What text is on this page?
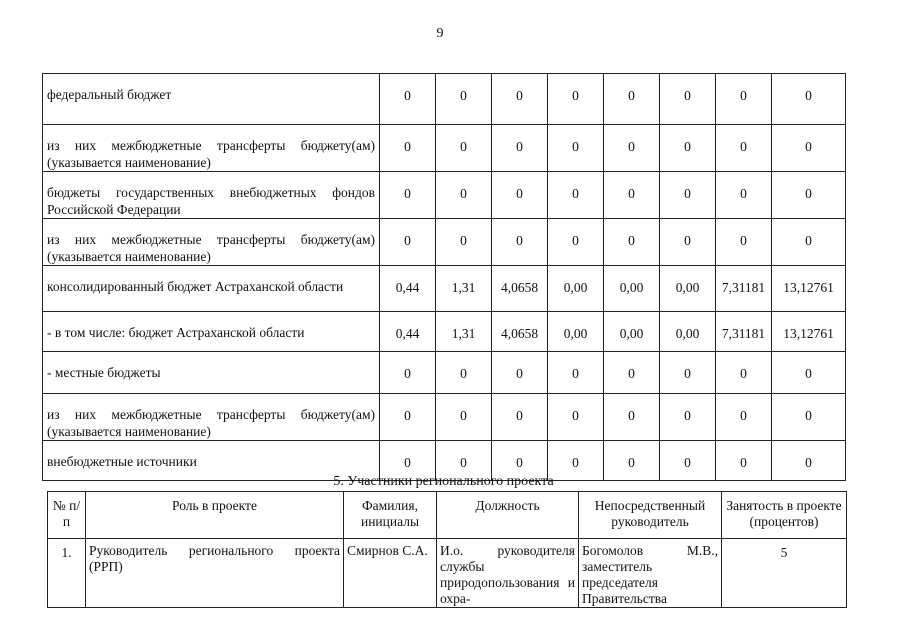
9
федеральный бюджет	0	0	0	0	0	0	0	0
из них межбюджетные трансферты бюджету(ам) (указывается наименование)	0	0	0	0	0	0	0	0
бюджеты государственных внебюджетных фондов Российской Федерации	0	0	0	0	0	0	0	0
из них межбюджетные трансферты бюджету(ам) (указывается наименование)	0	0	0	0	0	0	0	0
консолидированный бюджет Астраханской области	0,44	1,31	4,0658	0,00	0,00	0,00	7,31181	13,12761
- в том числе: бюджет Астраханской области	0,44	1,31	4,0658	0,00	0,00	0,00	7,31181	13,12761
- местные бюджеты	0	0	0	0	0	0	0	0
из них межбюджетные трансферты бюджету(ам) (указывается наименование)	0	0	0	0	0	0	0	0
внебюджетные источники	0	0	0	0	0	0	0	0
5. Участники регионального проекта
№ п/п	Роль в проекте	Фамилия, инициалы	Должность	Непосредственный руководитель	Занятость в проекте (процентов)
1.	Руководитель регионального проекта (РРП)	Смирнов С.А.	И.о. руководителя службы природопользования и охра-	Богомолов М.В., заместитель председателя Правительства	5
